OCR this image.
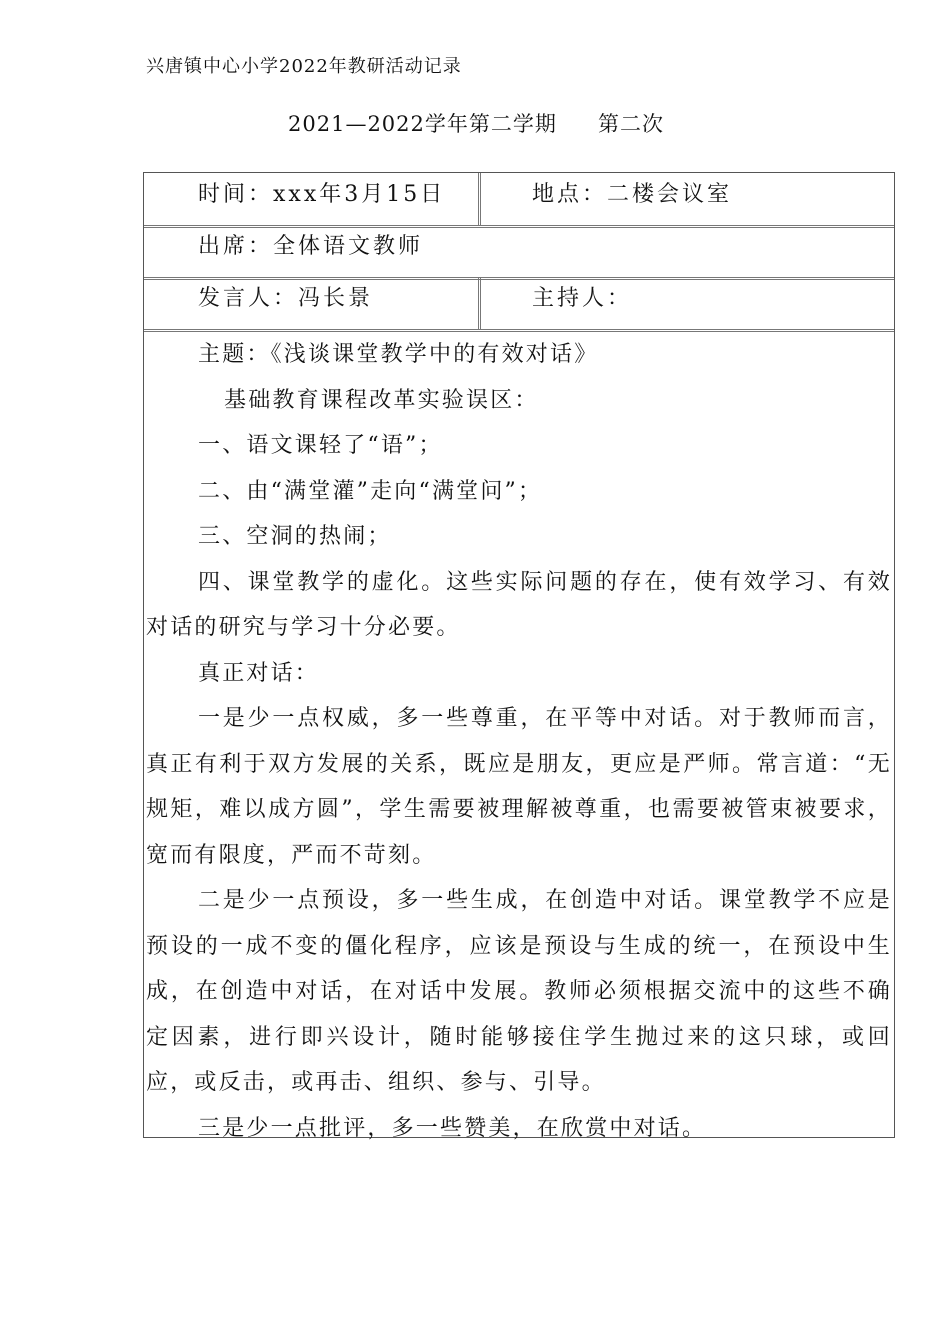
兴唐镇中心小学2022年教研活动记录
2021—2022学年第二学期 第二次
时间：xxx年3月15日	地点：二楼会议室
出席：全体语文教师
发言人：冯长景	主持人：

主题：《浅谈课堂教学中的有效对话》

基础教育课程改革实验误区：

一、语文课轻了“语”；

二、由“满堂灌”走向“满堂问”；

三、空洞的热闹；

四、课堂教学的虚化。这些实际问题的存在，使有效学习、有效对话的研究与学习十分必要。

真正对话：

一是少一点权威，多一些尊重，在平等中对话。对于教师而言，真正有利于双方发展的关系，既应是朋友，更应是严师。常言道：“无规矩，难以成方圆”，学生需要被理解被尊重，也需要被管束被要求，宽而有限度，严而不苛刻。

二是少一点预设，多一些生成，在创造中对话。课堂教学不应是预设的一成不变的僵化程序，应该是预设与生成的统一，在预设中生成，在创造中对话，在对话中发展。教师必须根据交流中的这些不确定因素，进行即兴设计，随时能够接住学生抛过来的这只球，或回应，或反击，或再击、组织、参与、引导。

三是少一点批评，多一些赞美，在欣赏中对话。
